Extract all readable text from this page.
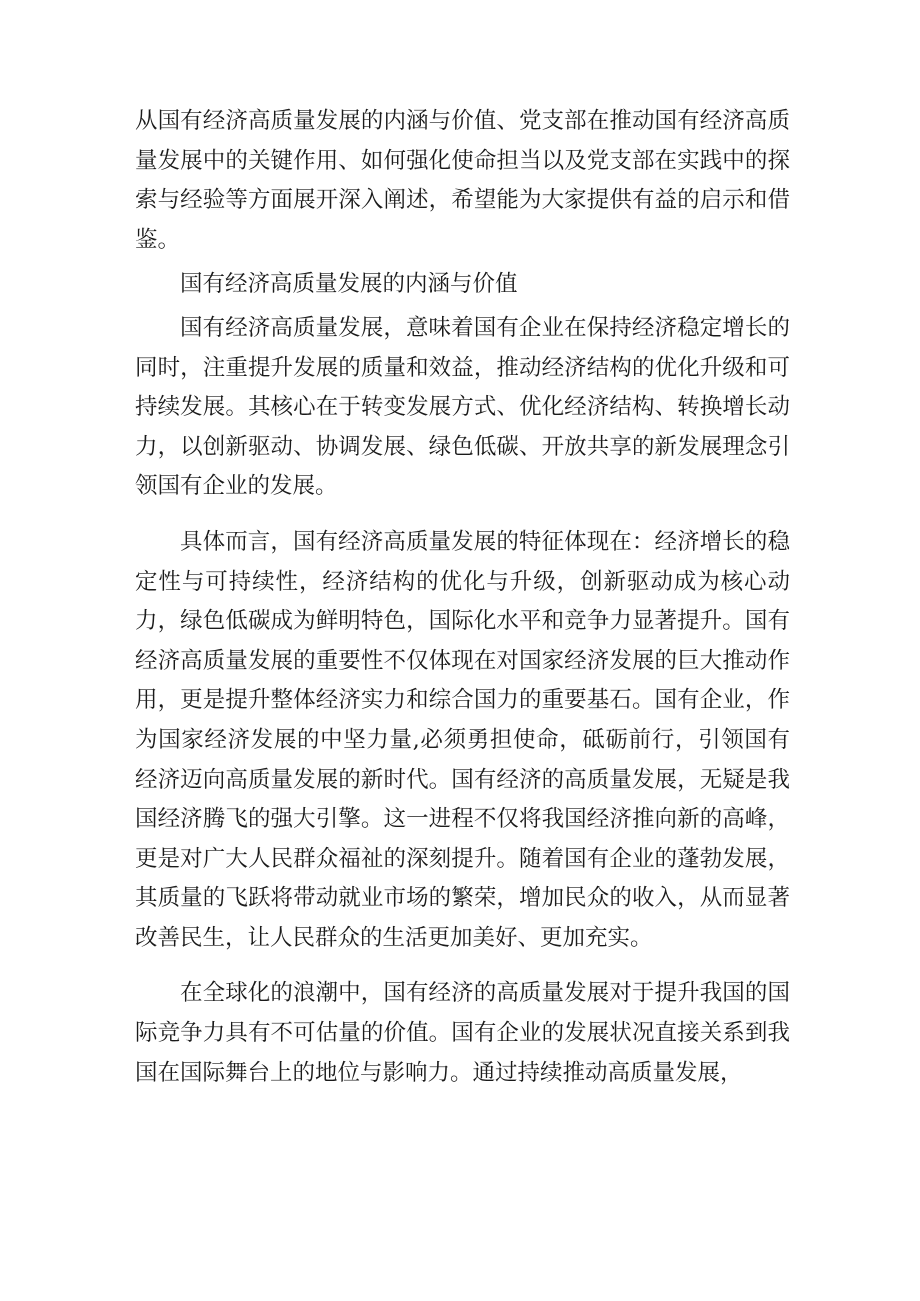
从国有经济高质量发展的内涵与价值、党支部在推动国有经济高质量发展中的关键作用、如何强化使命担当以及党支部在实践中的探索与经验等方面展开深入阐述，希望能为大家提供有益的启示和借鉴。

国有经济高质量发展的内涵与价值

国有经济高质量发展，意味着国有企业在保持经济稳定增长的同时，注重提升发展的质量和效益，推动经济结构的优化升级和可持续发展。其核心在于转变发展方式、优化经济结构、转换增长动力，以创新驱动、协调发展、绿色低碳、开放共享的新发展理念引领国有企业的发展。

具体而言，国有经济高质量发展的特征体现在：经济增长的稳定性与可持续性，经济结构的优化与升级，创新驱动成为核心动力，绿色低碳成为鲜明特色，国际化水平和竞争力显著提升。国有经济高质量发展的重要性不仅体现在对国家经济发展的巨大推动作用，更是提升整体经济实力和综合国力的重要基石。国有企业，作为国家经济发展的中坚力量,必须勇担使命，砥砺前行，引领国有经济迈向高质量发展的新时代。国有经济的高质量发展，无疑是我国经济腾飞的强大引擎。这一进程不仅将我国经济推向新的高峰，更是对广大人民群众福祉的深刻提升。随着国有企业的蓬勃发展，其质量的飞跃将带动就业市场的繁荣，增加民众的收入，从而显著改善民生，让人民群众的生活更加美好、更加充实。

在全球化的浪潮中，国有经济的高质量发展对于提升我国的国际竞争力具有不可估量的价值。国有企业的发展状况直接关系到我国在国际舞台上的地位与影响力。通过持续推动高质量发展，
